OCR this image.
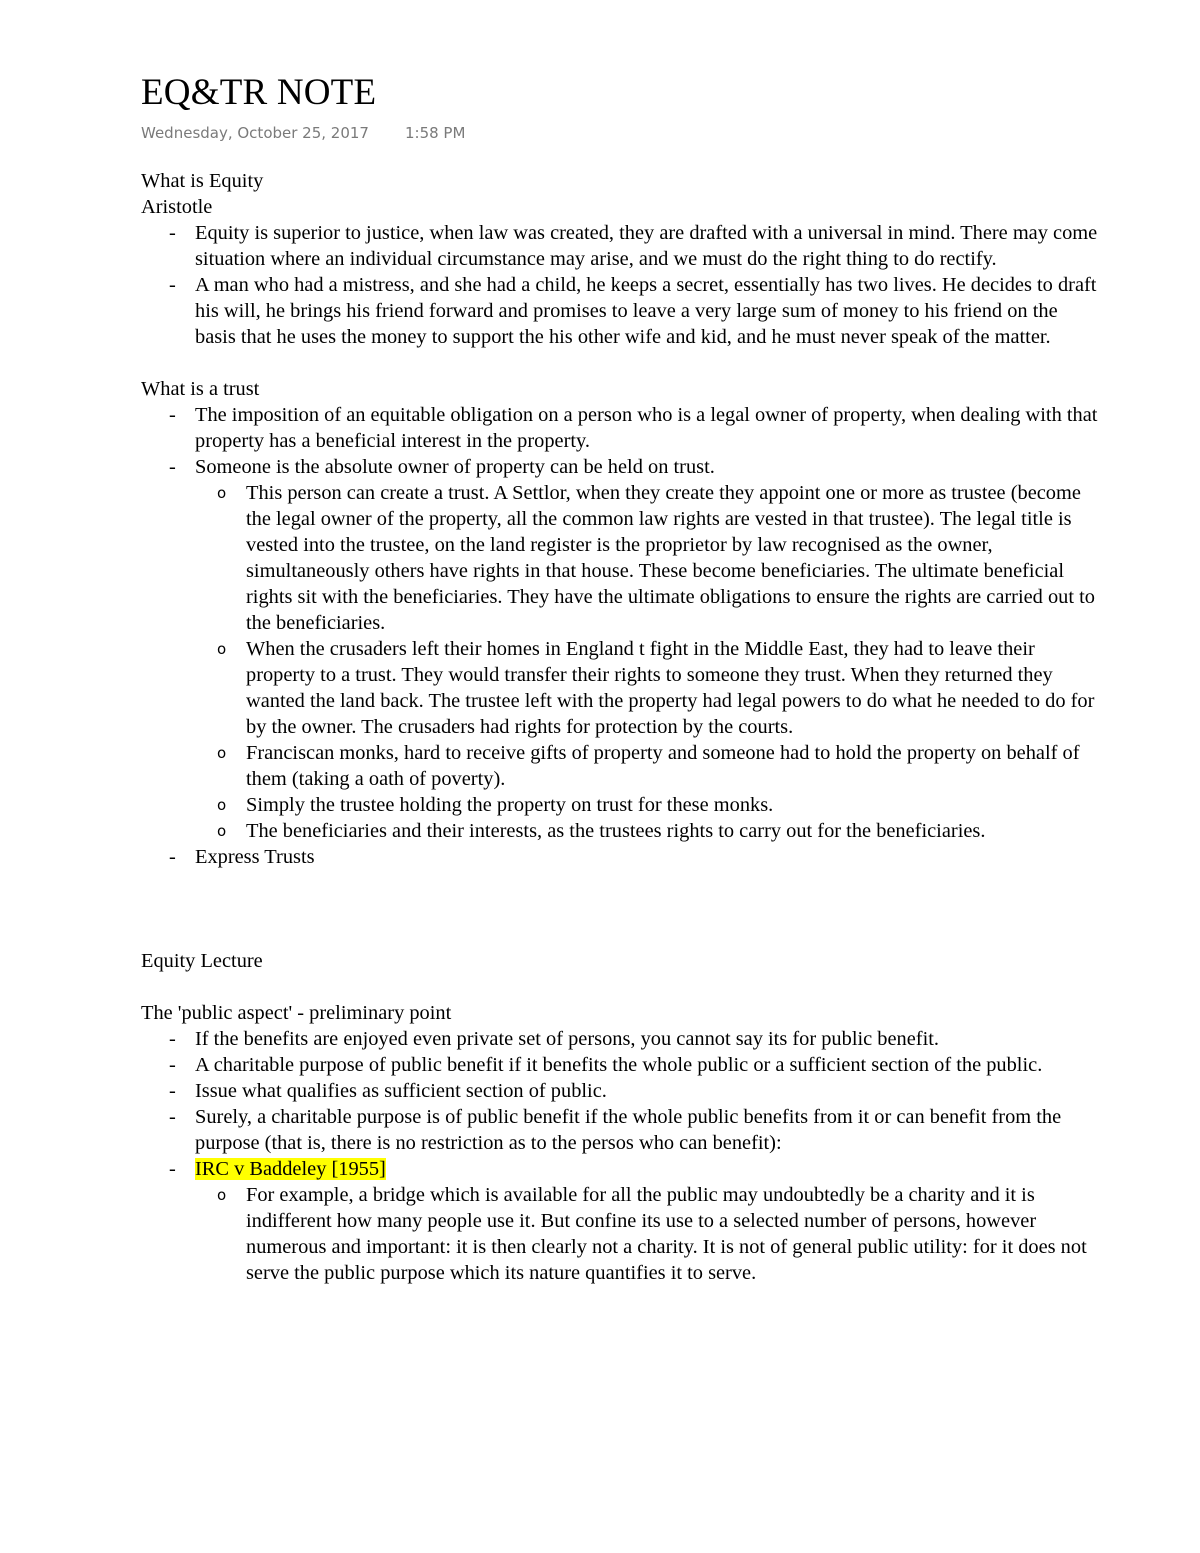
EQ&TR NOTE
Wednesday, October 25, 2017 1:58 PM

What is Equity

Aristotle

- Equity is superior to justice, when law was created, they are drafted with a universal in mind. There may come situation where an individual circumstance may arise, and we must do the right thing to do rectify.
- A man who had a mistress, and she had a child, he keeps a secret, essentially has two lives. He decides to draft his will, he brings his friend forward and promises to leave a very large sum of money to his friend on the basis that he uses the money to support the his other wife and kid, and he must never speak of the matter.

What is a trust

- The imposition of an equitable obligation on a person who is a legal owner of property, when dealing with that property has a beneficial interest in the property.
- Someone is the absolute owner of property can be held on trust.
o This person can create a trust. A Settlor, when they create they appoint one or more as trustee (become the legal owner of the property, all the common law rights are vested in that trustee). The legal title is vested into the trustee, on the land register is the proprietor by law recognised as the owner, simultaneously others have rights in that house. These become beneficiaries. The ultimate beneficial rights sit with the beneficiaries. They have the ultimate obligations to ensure the rights are carried out to the beneficiaries.
o When the crusaders left their homes in England t fight in the Middle East, they had to leave their property to a trust. They would transfer their rights to someone they trust. When they returned they wanted the land back. The trustee left with the property had legal powers to do what he needed to do for by the owner. The crusaders had rights for protection by the courts.
o Franciscan monks, hard to receive gifts of property and someone had to hold the property on behalf of them (taking a oath of poverty).
o Simply the trustee holding the property on trust for these monks.
o The beneficiaries and their interests, as the trustees rights to carry out for the beneficiaries.
- Express Trusts

Equity Lecture

The 'public aspect' - preliminary point

- If the benefits are enjoyed even private set of persons, you cannot say its for public benefit.
- A charitable purpose of public benefit if it benefits the whole public or a sufficient section of the public.
- Issue what qualifies as sufficient section of public.
- Surely, a charitable purpose is of public benefit if the whole public benefits from it or can benefit from the purpose (that is, there is no restriction as to the persos who can benefit):
- IRC v Baddeley [1955]
o For example, a bridge which is available for all the public may undoubtedly be a charity and it is indifferent how many people use it. But confine its use to a selected number of persons, however numerous and important: it is then clearly not a charity. It is not of general public utility: for it does not serve the public purpose which its nature quantifies it to serve.
